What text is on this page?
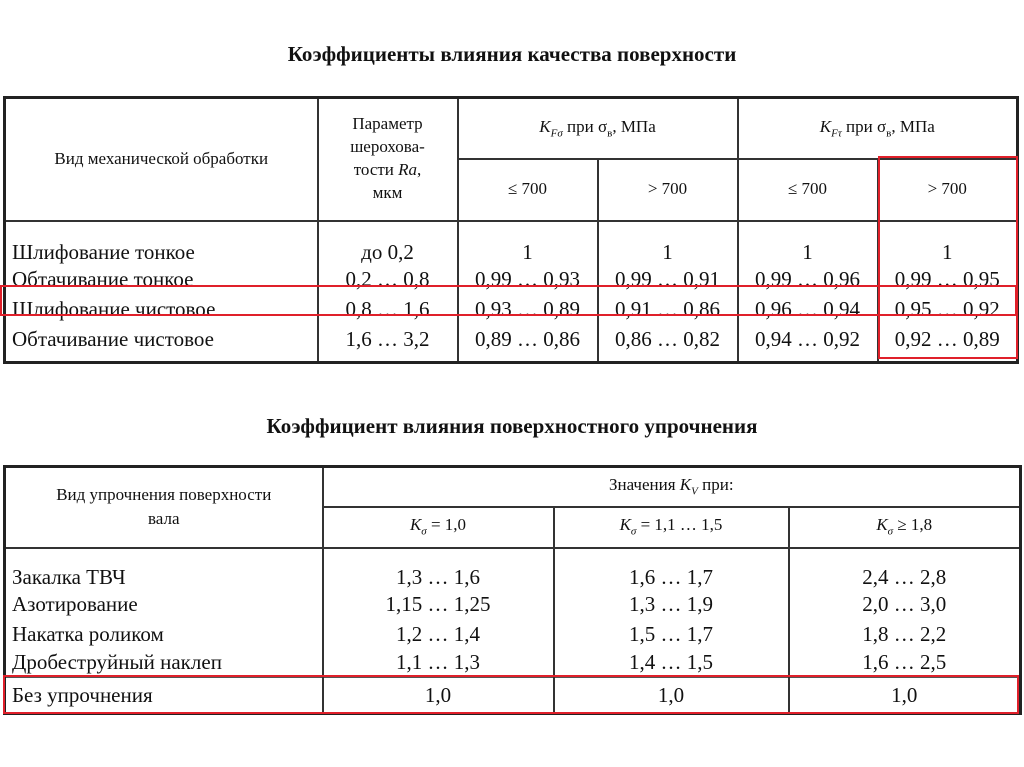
Коэффициенты влияния качества поверхности
Вид механической обработки	Параметр
шерохова-
тости Ra,
мкм	$K_{F\sigma}$ при $\sigma_в$, МПа		$K_{F\tau}$ при $\sigma_в$, МПа	
		≤ 700	> 700	≤ 700	> 700
Шлифование тонкое	до 0,2	1	1	1	1
Обтачивание тонкое	0,2 … 0,8	0,99 … 0,93	0,99 … 0,91	0,99 … 0,96	0,99 … 0,95
Шлифование чистовое	0,8 … 1,6	0,93 … 0,89	0,91 … 0,86	0,96 … 0,94	0,95 … 0,92
Обтачивание чистовое	1,6 … 3,2	0,89 … 0,86	0,86 … 0,82	0,94 … 0,92	0,92 … 0,89
Коэффициент влияния поверхностного упрочнения
Вид упрочнения поверхности
вала	Значения $K_V$ при:		
	$K_\sigma = 1,0$	$K_\sigma = 1,1$ … 1,5	$K_\sigma \ge 1,8$
Закалка ТВЧ	1,3 … 1,6	1,6 … 1,7	2,4 … 2,8
Азотирование	1,15 … 1,25	1,3 … 1,9	2,0 … 3,0
Накатка роликом	1,2 … 1,4	1,5 … 1,7	1,8 … 2,2
Дробеструйный наклеп	1,1 … 1,3	1,4 … 1,5	1,6 … 2,5
Без упрочнения	1,0	1,0	1,0
